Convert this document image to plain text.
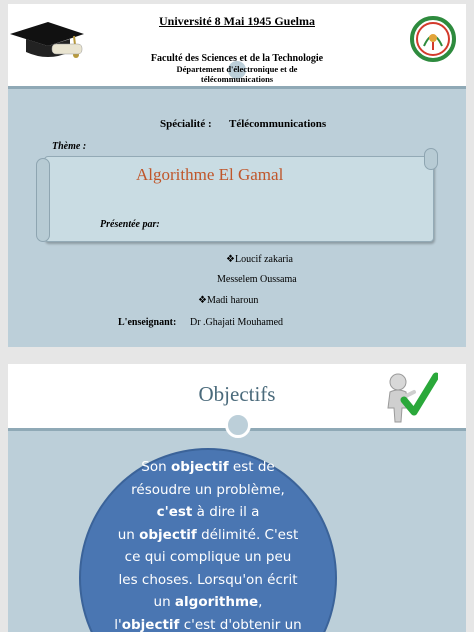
Université 8 Mai 1945 Guelma
Faculté des Sciences et de la Technologie
Département d'électronique et de télécommunications
Spécialité : Télécommunications
Thème :
Algorithme El Gamal
Présentée par:
❖Loucif zakaria
Messelem Oussama
❖Madi haroun
L'enseignant: Dr .Ghajati Mouhamed
Objectifs
Son objectif est de
résoudre un problème,
c'est à dire il a
un objectif délimité. C'est
ce qui complique un peu
les choses. Lorsqu'on écrit
un algorithme,
l'objectif c'est d'obtenir un
